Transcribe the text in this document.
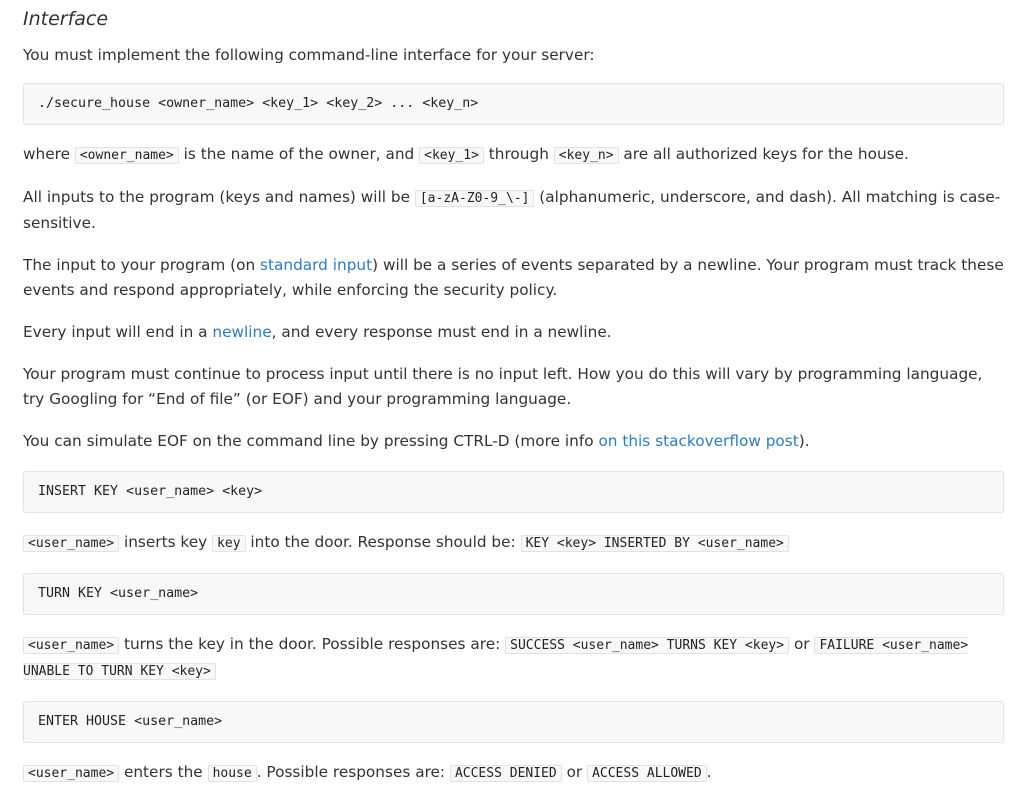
Interface

You must implement the following command-line interface for your server:

./secure_house <owner_name> <key_1> <key_2> ... <key_n>

where <owner_name> is the name of the owner, and <key_1> through <key_n> are all authorized keys for the house.

All inputs to the program (keys and names) will be [a-zA-Z0-9_\-] (alphanumeric, underscore, and dash). All matching is case-sensitive.

The input to your program (on standard input) will be a series of events separated by a newline. Your program must track these events and respond appropriately, while enforcing the security policy.

Every input will end in a newline, and every response must end in a newline.

Your program must continue to process input until there is no input left. How you do this will vary by programming language, try Googling for “End of file” (or EOF) and your programming language.

You can simulate EOF on the command line by pressing CTRL-D (more info on this stackoverflow post).

INSERT KEY <user_name> <key>

<user_name> inserts key key into the door. Response should be: KEY <key> INSERTED BY <user_name>

TURN KEY <user_name>

<user_name> turns the key in the door. Possible responses are: SUCCESS <user_name> TURNS KEY <key> or FAILURE <user_name> UNABLE TO TURN KEY <key>

ENTER HOUSE <user_name>

<user_name> enters the house . Possible responses are: ACCESS DENIED or ACCESS ALLOWED .
